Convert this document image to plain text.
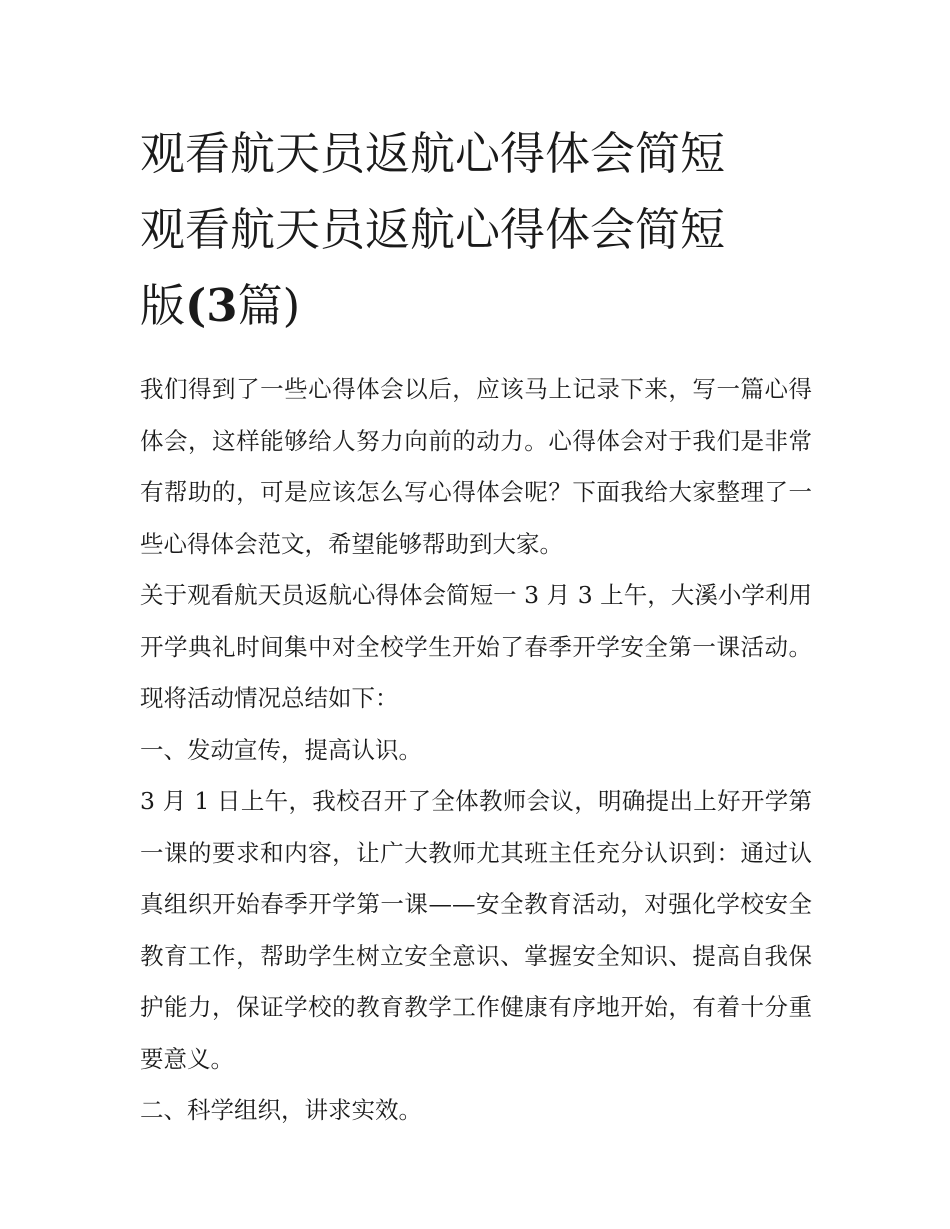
观看航天员返航心得体会简短
观看航天员返航心得体会简短
版(3篇)

我们得到了一些心得体会以后，应该马上记录下来，写一篇心得体会，这样能够给人努力向前的动力。心得体会对于我们是非常有帮助的，可是应该怎么写心得体会呢？下面我给大家整理了一些心得体会范文，希望能够帮助到大家。

关于观看航天员返航心得体会简短一 3 月 3 上午，大溪小学利用开学典礼时间集中对全校学生开始了春季开学安全第一课活动。现将活动情况总结如下：

一、发动宣传，提高认识。

3 月 1 日上午，我校召开了全体教师会议，明确提出上好开学第一课的要求和内容，让广大教师尤其班主任充分认识到：通过认真组织开始春季开学第一课——安全教育活动，对强化学校安全教育工作，帮助学生树立安全意识、掌握安全知识、提高自我保护能力，保证学校的教育教学工作健康有序地开始，有着十分重要意义。

二、科学组织，讲求实效。
